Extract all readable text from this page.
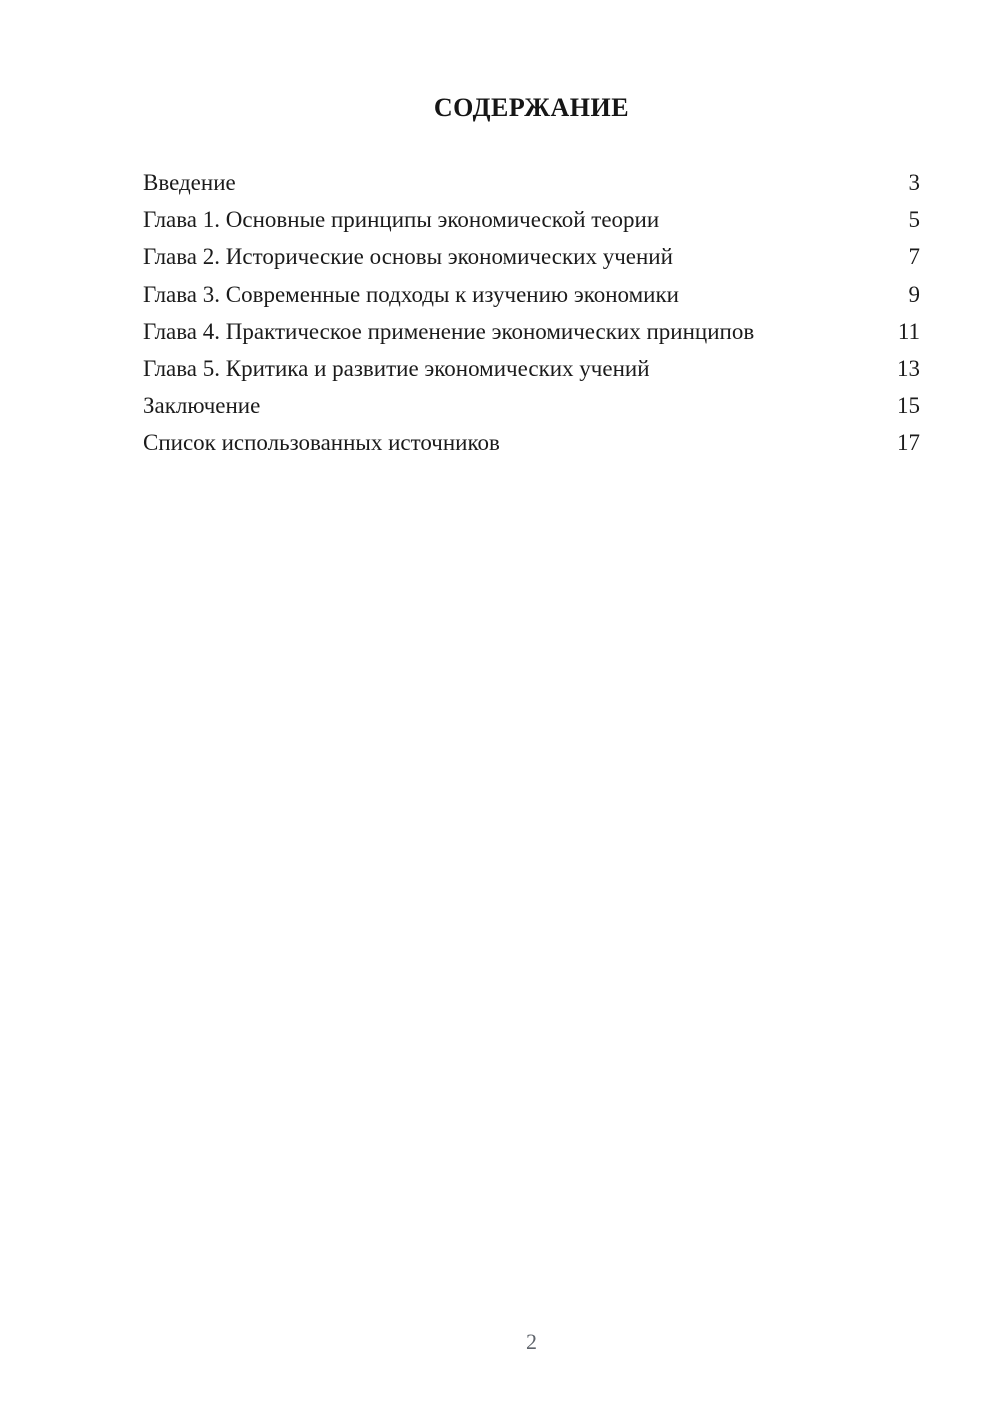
СОДЕРЖАНИЕ
Введение	3
Глава 1. Основные принципы экономической теории	5
Глава 2. Исторические основы экономических учений	7
Глава 3. Современные подходы к изучению экономики	9
Глава 4. Практическое применение экономических принципов	11
Глава 5. Критика и развитие экономических учений	13
Заключение	15
Список использованных источников	17
2
